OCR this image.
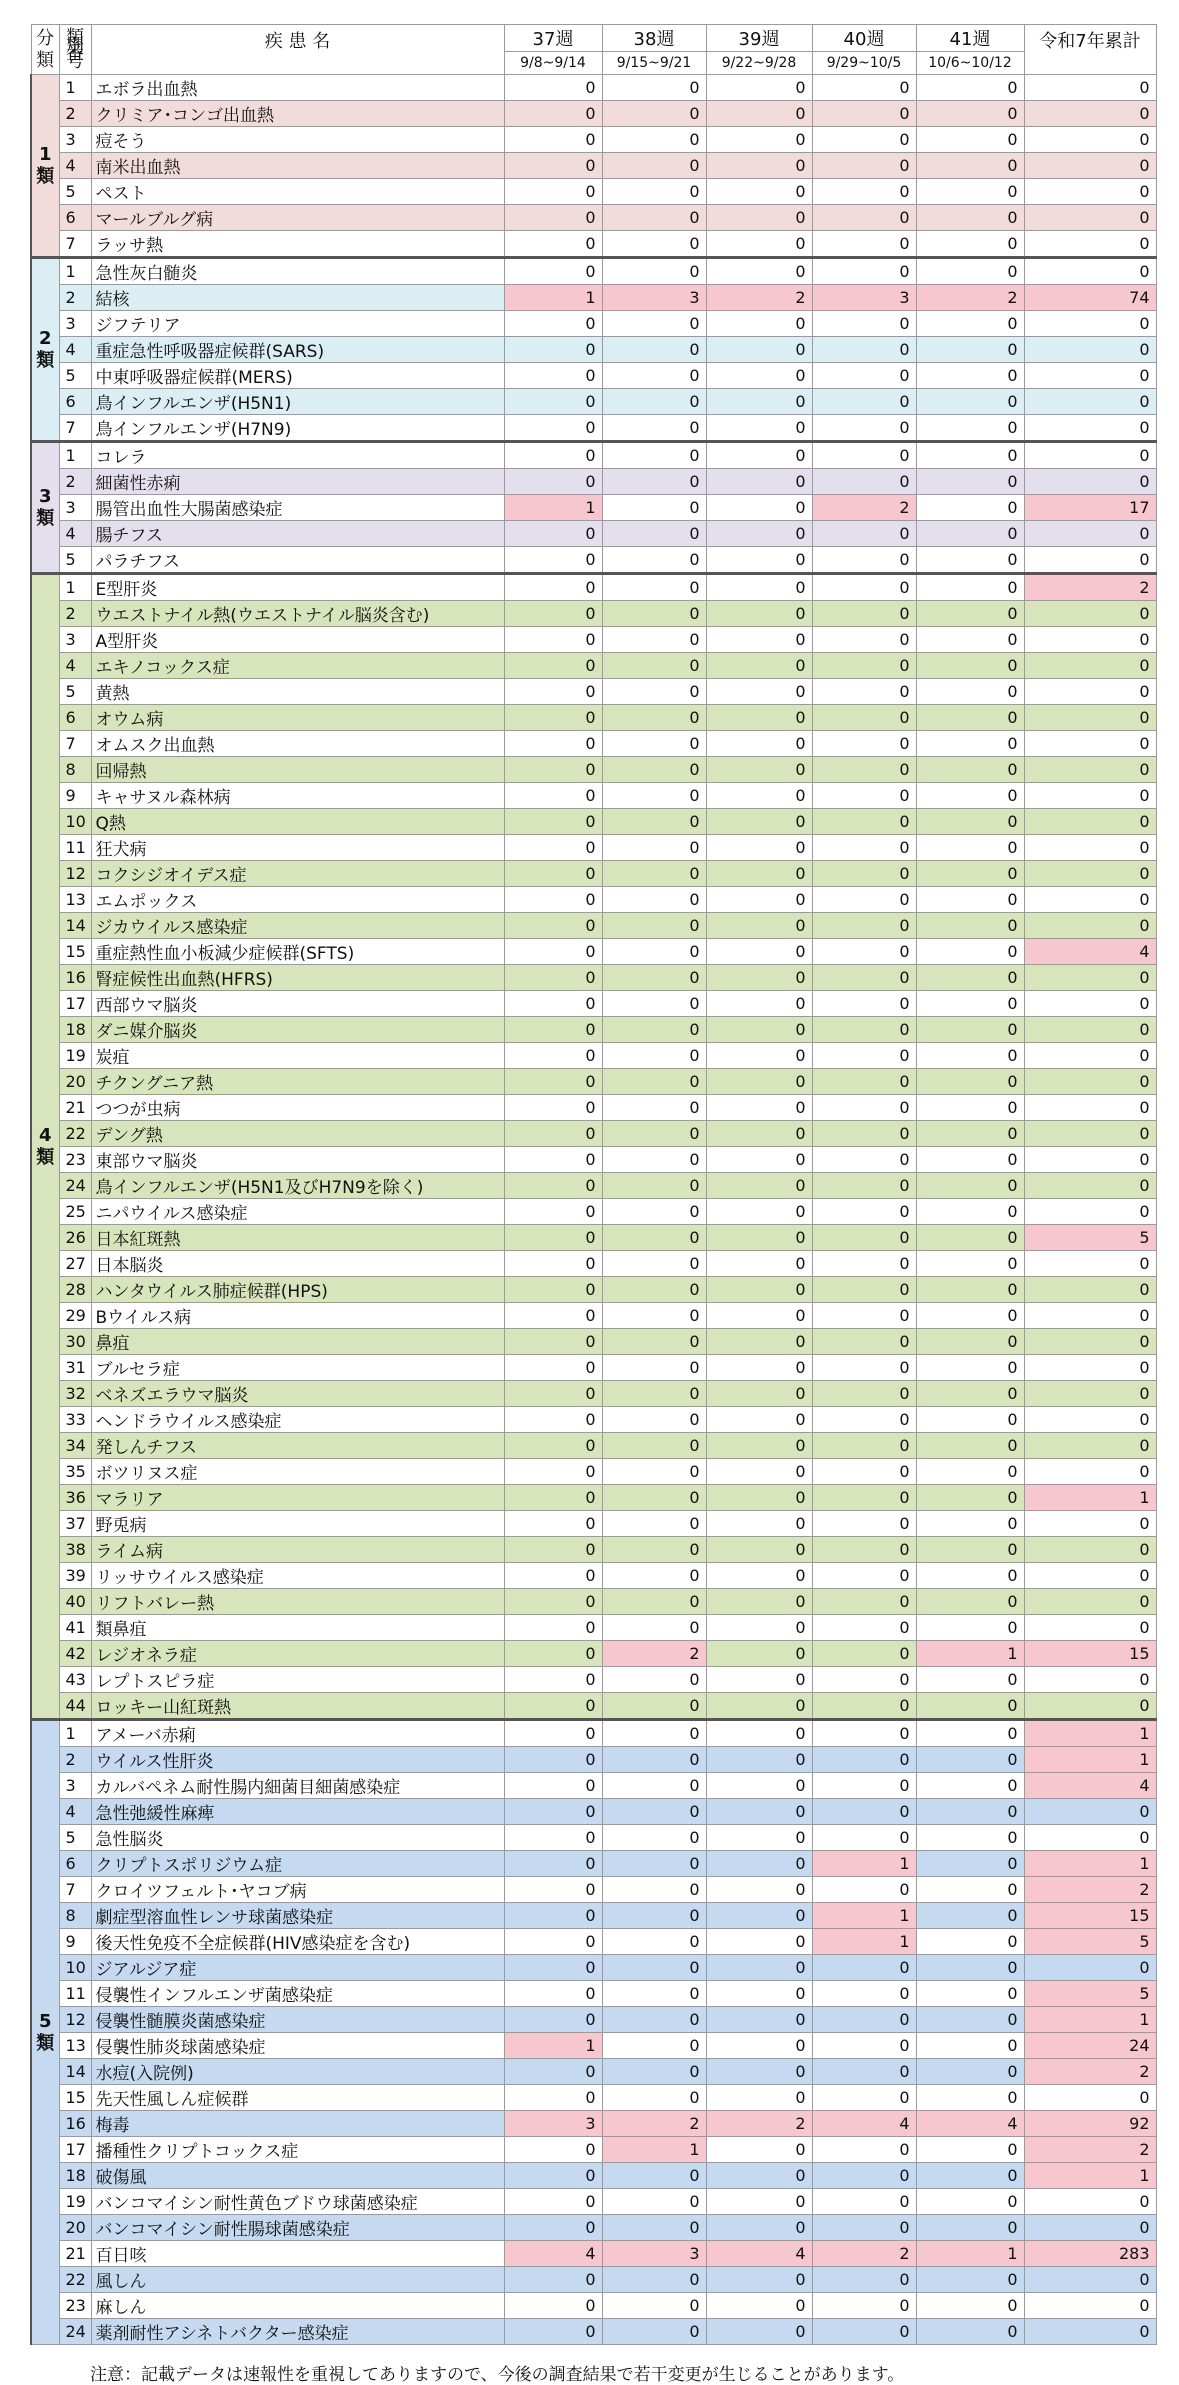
分類	類別番号	疾 患 名	37週	38週	39週	40週	41週	令和7年累計
			9/8~9/14	9/15~9/21	9/22~9/28	9/29~10/5	10/6~10/12	
1
類	1	エボラ出血熱	0	0	0	0	0	0
	2	クリミア･コンゴ出血熱	0	0	0	0	0	0
	3	痘そう	0	0	0	0	0	0
	4	南米出血熱	0	0	0	0	0	0
	5	ペスト	0	0	0	0	0	0
	6	マールブルグ病	0	0	0	0	0	0
	7	ラッサ熱	0	0	0	0	0	0
2
類	1	急性灰白髄炎	0	0	0	0	0	0
	2	結核	1	3	2	3	2	74
	3	ジフテリア	0	0	0	0	0	0
	4	重症急性呼吸器症候群(SARS)	0	0	0	0	0	0
	5	中東呼吸器症候群(MERS)	0	0	0	0	0	0
	6	鳥インフルエンザ(H5N1)	0	0	0	0	0	0
	7	鳥インフルエンザ(H7N9)	0	0	0	0	0	0
3
類	1	コレラ	0	0	0	0	0	0
	2	細菌性赤痢	0	0	0	0	0	0
	3	腸管出血性大腸菌感染症	1	0	0	2	0	17
	4	腸チフス	0	0	0	0	0	0
	5	パラチフス	0	0	0	0	0	0
4
類	1	E型肝炎	0	0	0	0	0	2
	2	ウエストナイル熱(ウエストナイル脳炎含む)	0	0	0	0	0	0
	3	A型肝炎	0	0	0	0	0	0
	4	エキノコックス症	0	0	0	0	0	0
	5	黄熱	0	0	0	0	0	0
	6	オウム病	0	0	0	0	0	0
	7	オムスク出血熱	0	0	0	0	0	0
	8	回帰熱	0	0	0	0	0	0
	9	キャサヌル森林病	0	0	0	0	0	0
	10	Q熱	0	0	0	0	0	0
	11	狂犬病	0	0	0	0	0	0
	12	コクシジオイデス症	0	0	0	0	0	0
	13	エムポックス	0	0	0	0	0	0
	14	ジカウイルス感染症	0	0	0	0	0	0
	15	重症熱性血小板減少症候群(SFTS)	0	0	0	0	0	4
	16	腎症候性出血熱(HFRS)	0	0	0	0	0	0
	17	西部ウマ脳炎	0	0	0	0	0	0
	18	ダニ媒介脳炎	0	0	0	0	0	0
	19	炭疽	0	0	0	0	0	0
	20	チクングニア熱	0	0	0	0	0	0
	21	つつが虫病	0	0	0	0	0	0
	22	デング熱	0	0	0	0	0	0
	23	東部ウマ脳炎	0	0	0	0	0	0
	24	鳥インフルエンザ(H5N1及びH7N9を除く)	0	0	0	0	0	0
	25	ニパウイルス感染症	0	0	0	0	0	0
	26	日本紅斑熱	0	0	0	0	0	5
	27	日本脳炎	0	0	0	0	0	0
	28	ハンタウイルス肺症候群(HPS)	0	0	0	0	0	0
	29	Bウイルス病	0	0	0	0	0	0
	30	鼻疽	0	0	0	0	0	0
	31	ブルセラ症	0	0	0	0	0	0
	32	ベネズエラウマ脳炎	0	0	0	0	0	0
	33	ヘンドラウイルス感染症	0	0	0	0	0	0
	34	発しんチフス	0	0	0	0	0	0
	35	ボツリヌス症	0	0	0	0	0	0
	36	マラリア	0	0	0	0	0	1
	37	野兎病	0	0	0	0	0	0
	38	ライム病	0	0	0	0	0	0
	39	リッサウイルス感染症	0	0	0	0	0	0
	40	リフトバレー熱	0	0	0	0	0	0
	41	類鼻疽	0	0	0	0	0	0
	42	レジオネラ症	0	2	0	0	1	15
	43	レプトスピラ症	0	0	0	0	0	0
	44	ロッキー山紅斑熱	0	0	0	0	0	0
5
類	1	アメーバ赤痢	0	0	0	0	0	1
	2	ウイルス性肝炎	0	0	0	0	0	1
	3	カルバペネム耐性腸内細菌目細菌感染症	0	0	0	0	0	4
	4	急性弛緩性麻痺	0	0	0	0	0	0
	5	急性脳炎	0	0	0	0	0	0
	6	クリプトスポリジウム症	0	0	0	1	0	1
	7	クロイツフェルト･ヤコブ病	0	0	0	0	0	2
	8	劇症型溶血性レンサ球菌感染症	0	0	0	1	0	15
	9	後天性免疫不全症候群(HIV感染症を含む)	0	0	0	1	0	5
	10	ジアルジア症	0	0	0	0	0	0
	11	侵襲性インフルエンザ菌感染症	0	0	0	0	0	5
	12	侵襲性髄膜炎菌感染症	0	0	0	0	0	1
	13	侵襲性肺炎球菌感染症	1	0	0	0	0	24
	14	水痘(入院例)	0	0	0	0	0	2
	15	先天性風しん症候群	0	0	0	0	0	0
	16	梅毒	3	2	2	4	4	92
	17	播種性クリプトコックス症	0	1	0	0	0	2
	18	破傷風	0	0	0	0	0	1
	19	バンコマイシン耐性黄色ブドウ球菌感染症	0	0	0	0	0	0
	20	バンコマイシン耐性腸球菌感染症	0	0	0	0	0	0
	21	百日咳	4	3	4	2	1	283
	22	風しん	0	0	0	0	0	0
	23	麻しん	0	0	0	0	0	0
	24	薬剤耐性アシネトバクター感染症	0	0	0	0	0	0
注意：記載データは速報性を重視してありますので、今後の調査結果で若干変更が生じることがあります。
